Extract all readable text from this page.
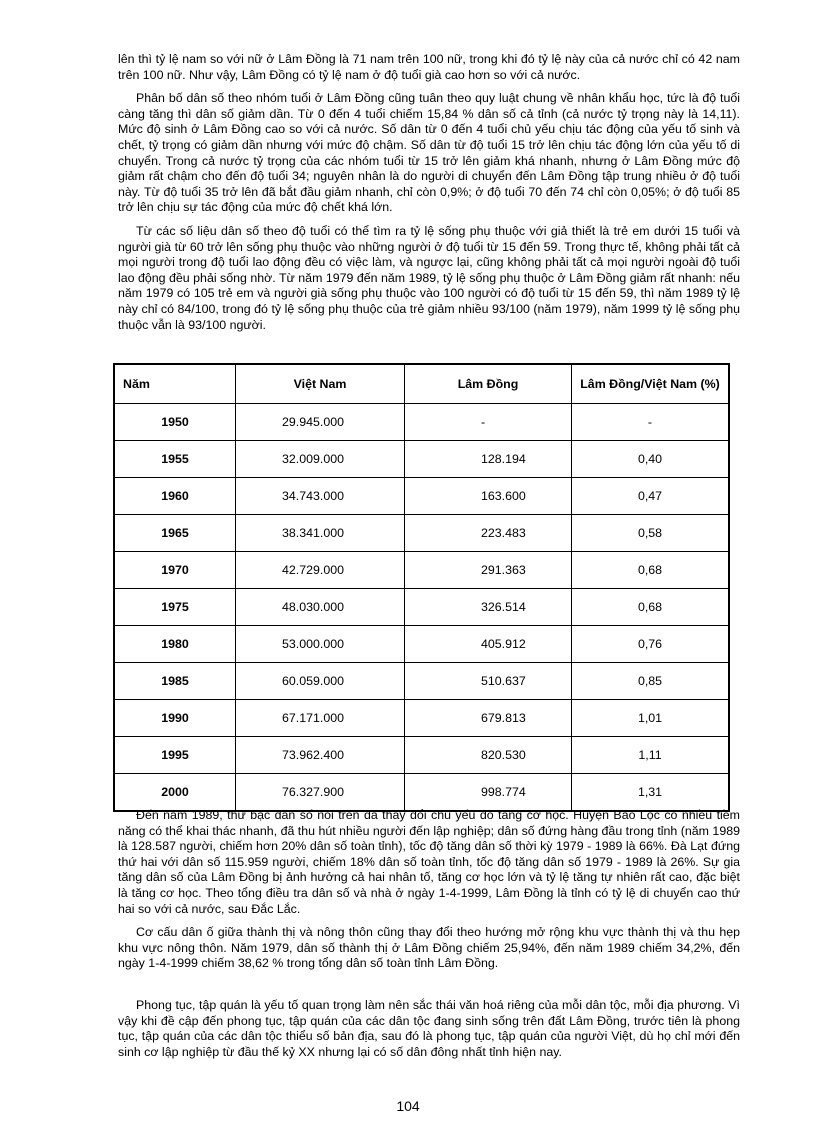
lên thì tỷ lệ nam so với nữ ở Lâm Đồng là 71 nam trên 100 nữ, trong khi đó tỷ lệ này của cả nước chỉ có 42 nam trên 100 nữ. Như vậy, Lâm Đồng có tỷ lệ nam ở độ tuổi già cao hơn so với cả nước.

Phân bố dân số theo nhóm tuổi ở Lâm Đồng cũng tuân theo quy luật chung về nhân khẩu học, tức là độ tuổi càng tăng thì dân số giảm dần. Từ 0 đến 4 tuổi chiếm 15,84 % dân số cả tỉnh (cả nước tỷ trọng này là 14,11). Mức độ sinh ở Lâm Đồng cao so với cả nước. Số dân từ 0 đến 4 tuổi chủ yếu chịu tác động của yếu tố sinh và chết, tỷ trọng có giảm dần nhưng với mức độ chậm. Số dân từ độ tuổi 15 trở lên chịu tác động lớn của yếu tố di chuyển. Trong cả nước tỷ trọng của các nhóm tuổi từ 15 trở lên giảm khá nhanh, nhưng ở Lâm Đồng mức độ giảm rất chậm cho đến độ tuổi 34; nguyên nhân là do người di chuyển đến Lâm Đồng tập trung nhiều ở độ tuổi này. Từ độ tuổi 35 trở lên đã bắt đầu giảm nhanh, chỉ còn 0,9%; ở độ tuổi 70 đến 74 chỉ còn 0,05%; ở độ tuổi 85 trở lên chịu sự tác động của mức độ chết khá lớn.

Từ các số liệu dân số theo độ tuổi có thể tìm ra tỷ lệ sống phụ thuộc với giả thiết là trẻ em dưới 15 tuổi và người già từ 60 trở lên sống phụ thuộc vào những người ở độ tuổi từ 15 đến 59. Trong thực tế, không phải tất cả mọi người trong độ tuổi lao động đều có việc làm, và ngược lại, cũng không phải tất cả mọi người ngoài độ tuổi lao động đều phải sống nhờ. Từ năm 1979 đến năm 1989, tỷ lệ sống phụ thuộc ở Lâm Đồng giảm rất nhanh: nếu năm 1979 có 105 trẻ em và người già sống phụ thuộc vào 100 người có độ tuổi từ 15 đến 59, thì năm 1989 tỷ lệ này chỉ có 84/100, trong đó tỷ lệ sống phụ thuộc của trẻ giảm nhiều 93/100 (năm 1979), năm 1999 tỷ lệ sống phụ thuộc vẫn là 93/100 người.

Năm	Việt Nam	Lâm Đồng	Lâm Đồng/Việt Nam (%)
1950	29.945.000	-	-
1955	32.009.000	128.194	0,40
1960	34.743.000	163.600	0,47
1965	38.341.000	223.483	0,58
1970	42.729.000	291.363	0,68
1975	48.030.000	326.514	0,68
1980	53.000.000	405.912	0,76
1985	60.059.000	510.637	0,85
1990	67.171.000	679.813	1,01
1995	73.962.400	820.530	1,11
2000	76.327.900	998.774	1,31

Đến năm 1989, thứ bậc dân số nói trên đã thay đổi chủ yếu do tăng cơ học. Huyện Bảo Lộc có nhiều tiềm năng có thể khai thác nhanh, đã thu hút nhiều người đến lập nghiệp; dân số đứng hàng đầu trong tỉnh (năm 1989 là 128.587 người, chiếm hơn 20% dân số toàn tỉnh), tốc độ tăng dân số thời kỳ 1979 - 1989 là 66%. Đà Lạt đứng thứ hai với dân số 115.959 người, chiếm 18% dân số toàn tỉnh, tốc độ tăng dân số 1979 - 1989 là 26%. Sự gia tăng dân số của Lâm Đồng bị ảnh hưởng cả hai nhân tố, tăng cơ học lớn và tỷ lệ tăng tự nhiên rất cao, đặc biệt là tăng cơ học. Theo tổng điều tra dân số và nhà ở ngày 1-4-1999, Lâm Đồng là tỉnh có tỷ lệ di chuyển cao thứ hai so với cả nước, sau Đắc Lắc.

Cơ cấu dân ố giữa thành thị và nông thôn cũng thay đổi theo hướng mở rộng khu vực thành thị và thu hẹp khu vực nông thôn. Năm 1979, dân số thành thị ở Lâm Đồng chiếm 25,94%, đến năm 1989 chiếm 34,2%, đến ngày 1-4-1999 chiếm 38,62 % trong tổng dân số toàn tỉnh Lâm Đồng.

Phong tục, tập quán là yếu tố quan trọng làm nên sắc thái văn hoá riêng của mỗi dân tộc, mỗi địa phương. Vì vậy khi đề cập đến phong tục, tập quán của các dân tộc đang sinh sống trên đất Lâm Đồng, trước tiên là phong tục, tập quán của các dân tộc thiểu số bản địa, sau đó là phong tục, tập quán của người Việt, dù họ chỉ mới đến sinh cơ lập nghiệp từ đầu thế kỷ XX nhưng lại có số dân đông nhất tỉnh hiện nay.

104
